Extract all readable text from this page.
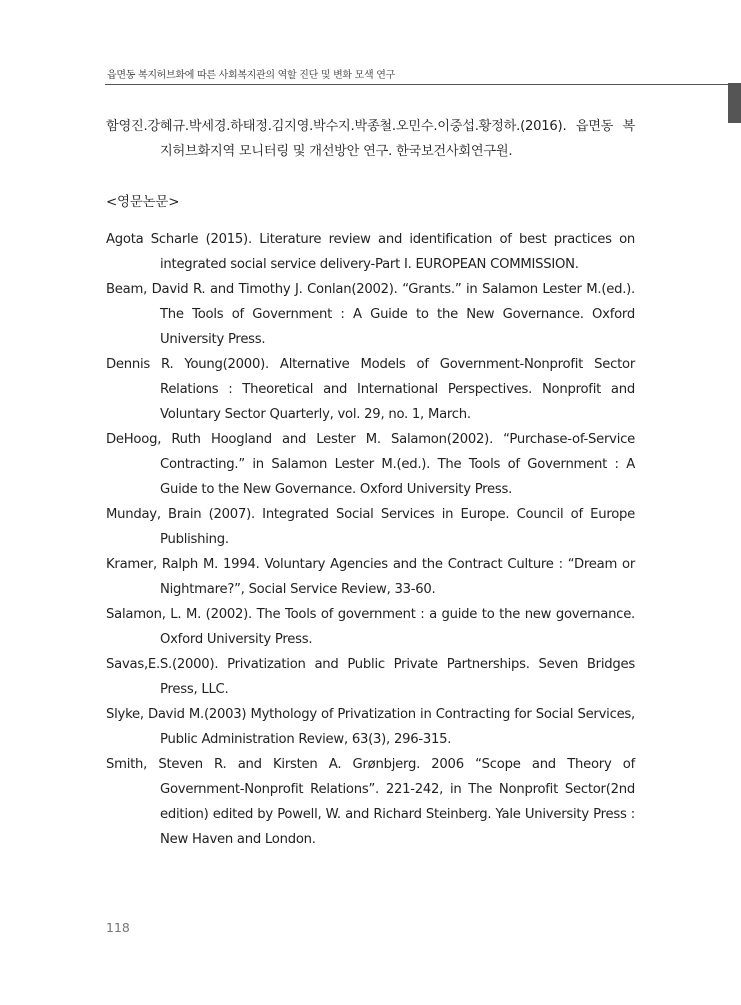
읍면동 복지허브화에 따른 사회복지관의 역할 진단 및 변화 모색 연구

함영진.강혜규.박세경.하태정.김지영.박수지.박종철.오민수.이중섭.황정하.(2016). 읍면동 복지허브화지역 모니터링 및 개선방안 연구. 한국보건사회연구원.

<영문논문>

Agota Scharle (2015). Literature review and identification of best practices on integrated social service delivery-Part Ⅰ. EUROPEAN COMMISSION.

Beam, David R. and Timothy J. Conlan(2002). “Grants.” in Salamon Lester M.(ed.). The Tools of Government : A Guide to the New Governance. Oxford University Press.

Dennis R. Young(2000). Alternative Models of Government-Nonprofit Sector Relations : Theoretical and International Perspectives. Nonprofit and Voluntary Sector Quarterly, vol. 29, no. 1, March.

DeHoog, Ruth Hoogland and Lester M. Salamon(2002). “Purchase-of-Service Contracting.” in Salamon Lester M.(ed.). The Tools of Government : A Guide to the New Governance. Oxford University Press.

Munday, Brain (2007). Integrated Social Services in Europe. Council of Europe Publishing.

Kramer, Ralph M. 1994. Voluntary Agencies and the Contract Culture : “Dream or Nightmare?”, Social Service Review, 33-60.

Salamon, L. M. (2002). The Tools of government : a guide to the new governance. Oxford University Press.

Savas,E.S.(2000). Privatization and Public Private Partnerships. Seven Bridges Press, LLC.

Slyke, David M.(2003) Mythology of Privatization in Contracting for Social Services, Public Administration Review, 63(3), 296-315.

Smith, Steven R. and Kirsten A. Grønbjerg. 2006 “Scope and Theory of Government-Nonprofit Relations”. 221-242, in The Nonprofit Sector(2nd edition) edited by Powell, W. and Richard Steinberg. Yale University Press : New Haven and London.

118
